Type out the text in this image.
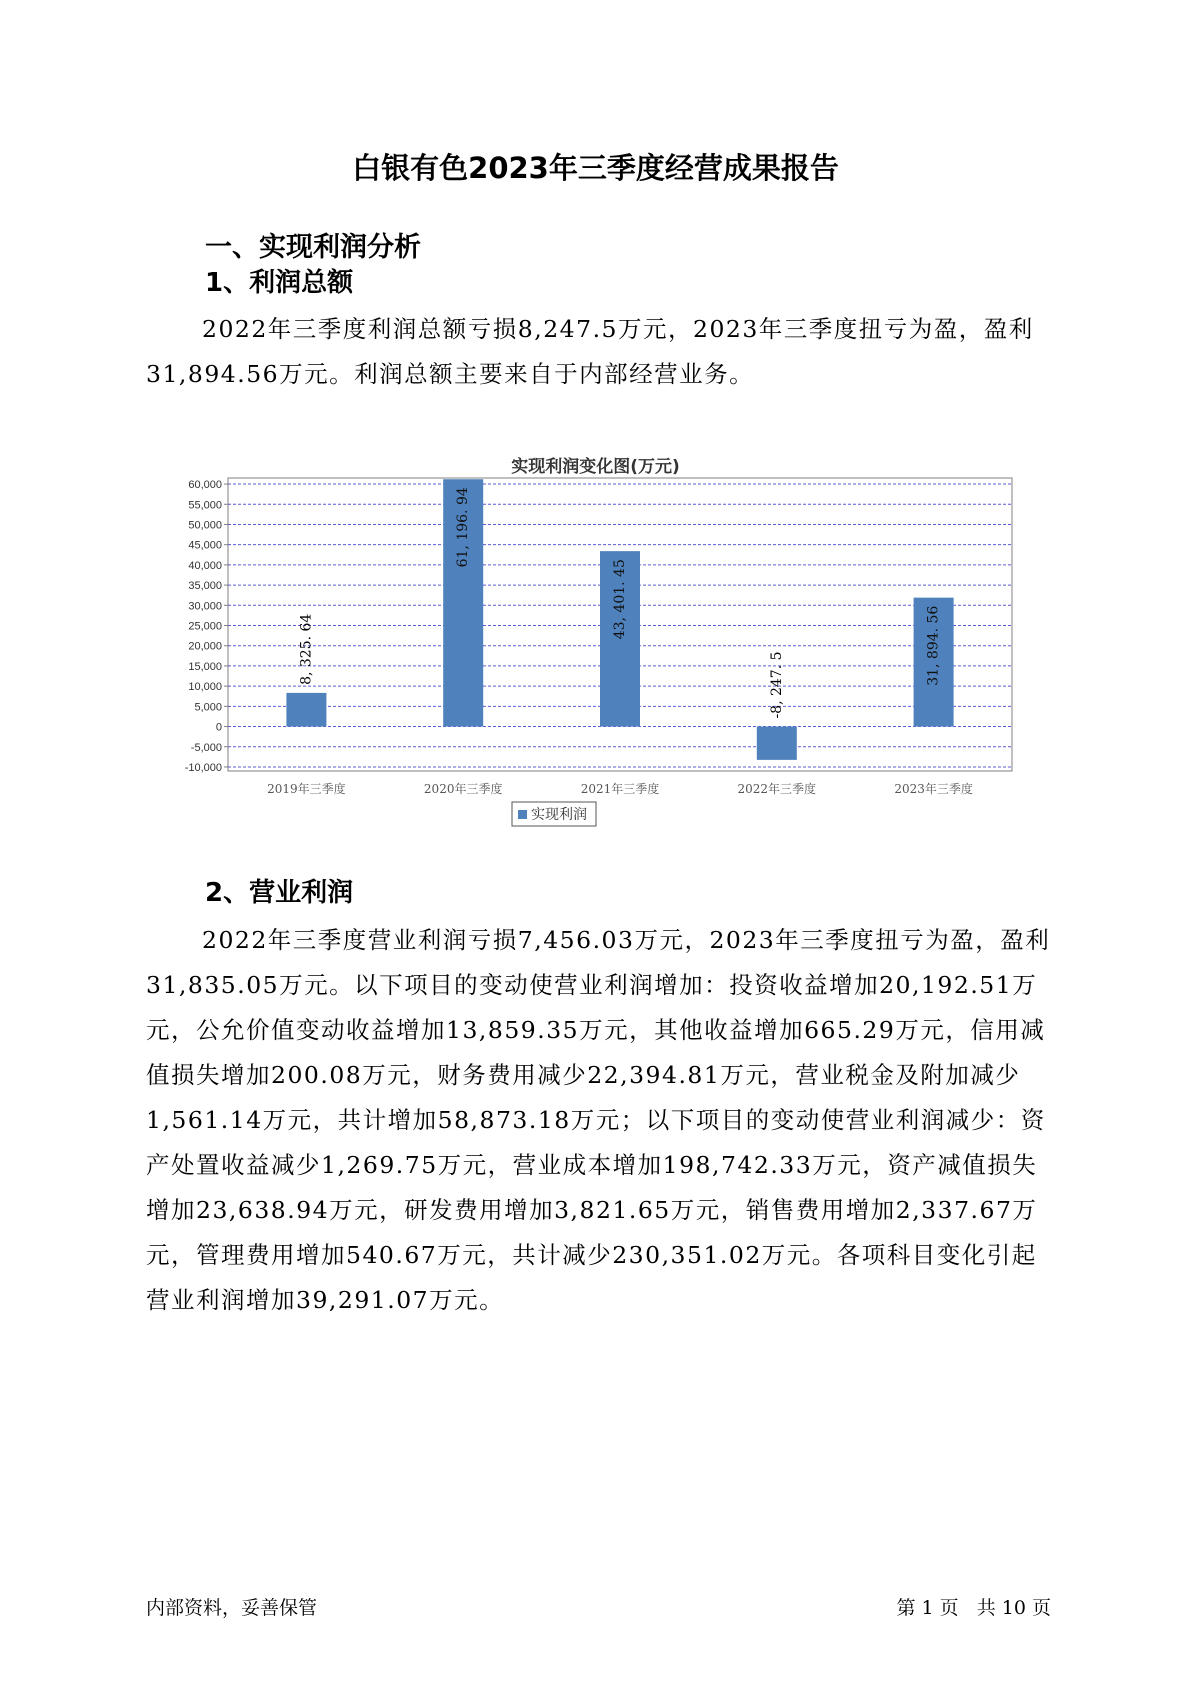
白银有色2023年三季度经营成果报告
一、实现利润分析
1、利润总额
2022年三季度利润总额亏损8,247.5万元，2023年三季度扭亏为盈，盈利31,894.56万元。利润总额主要来自于内部经营业务。
实现利润变化图(万元)
60,000
55,000
50,000
45,000
40,000
35,000
30,000
25,000
20,000
15,000
10,000
5,000
0
-5,000
-10,000
8, 325. 64
2019年三季度
61, 196. 94
2020年三季度
43, 401. 45
2021年三季度
-8, 247. 5
2022年三季度
31, 894. 56
2023年三季度
实现利润
2、营业利润
2022年三季度营业利润亏损7,456.03万元，2023年三季度扭亏为盈，盈利31,835.05万元。以下项目的变动使营业利润增加：投资收益增加20,192.51万元，公允价值变动收益增加13,859.35万元，其他收益增加665.29万元，信用减值损失增加200.08万元，财务费用减少22,394.81万元，营业税金及附加减少1,561.14万元，共计增加58,873.18万元；以下项目的变动使营业利润减少：资产处置收益减少1,269.75万元，营业成本增加198,742.33万元，资产减值损失增加23,638.94万元，研发费用增加3,821.65万元，销售费用增加2,337.67万元，管理费用增加540.67万元，共计减少230,351.02万元。各项科目变化引起营业利润增加39,291.07万元。
内部资料，妥善保管	第 1 页   共 10 页
